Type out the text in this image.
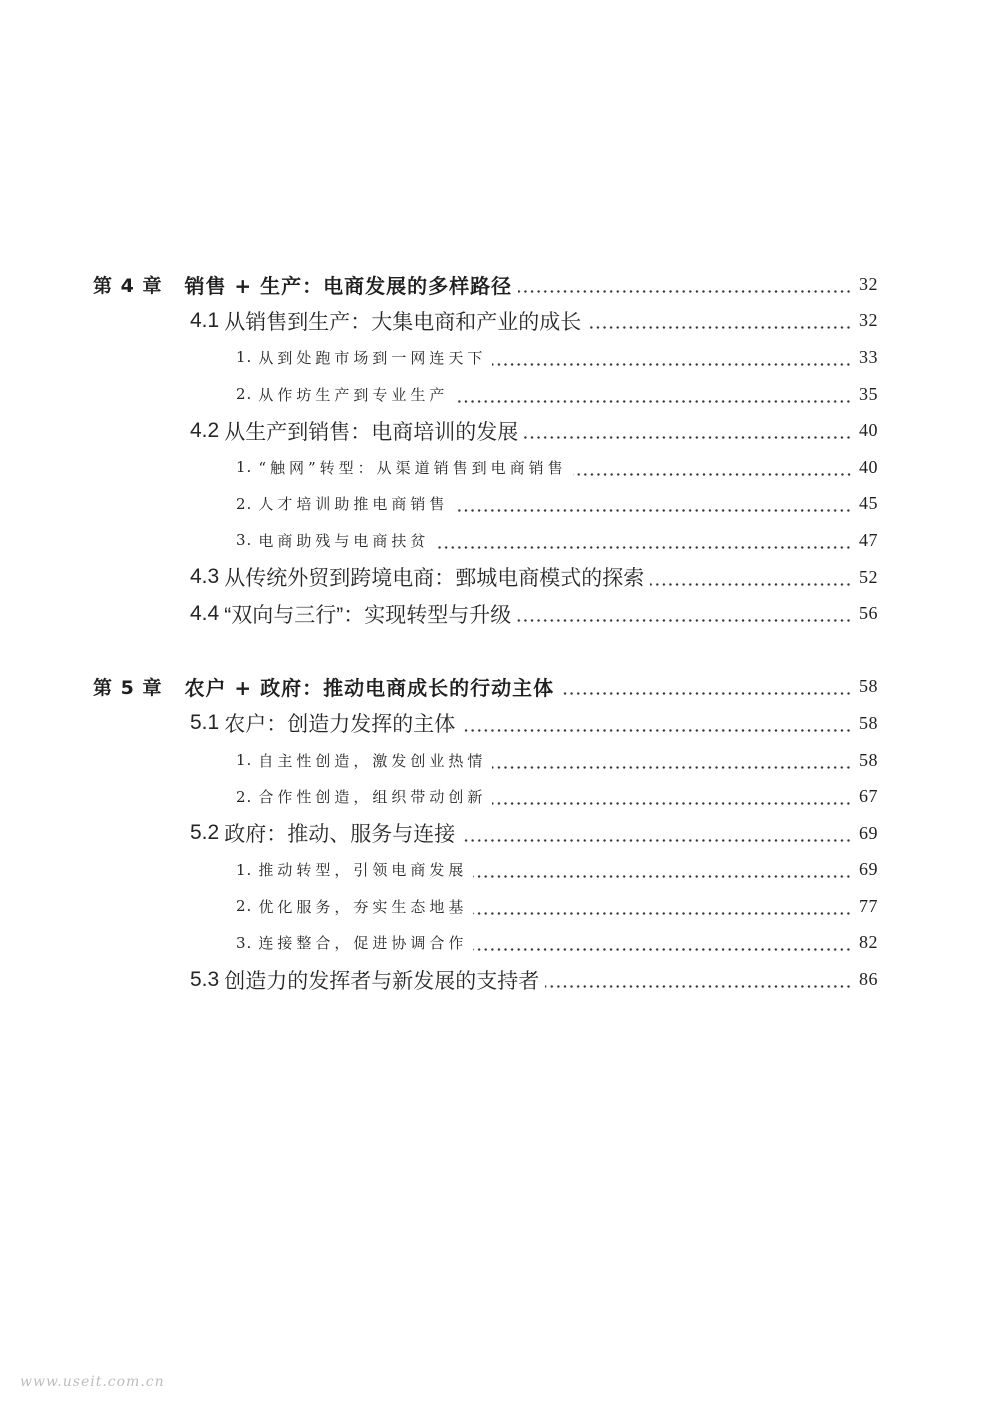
第 4 章 销售 + 生产：电商发展的多样路径	32
4.1 从销售到生产：大集电商和产业的成长	32
1. 从到处跑市场到一网连天下	33
2. 从作坊生产到专业生产	35
4.2 从生产到销售：电商培训的发展	40
1. “触网”转型：从渠道销售到电商销售	40
2. 人才培训助推电商销售	45
3. 电商助残与电商扶贫	47
4.3 从传统外贸到跨境电商：鄄城电商模式的探索	52
4.4 “双向与三行”：实现转型与升级	56
第 5 章 农户 + 政府：推动电商成长的行动主体	58
5.1 农户：创造力发挥的主体	58
1. 自主性创造，激发创业热情	58
2. 合作性创造，组织带动创新	67
5.2 政府：推动、服务与连接	69
1. 推动转型，引领电商发展	69
2. 优化服务，夯实生态地基	77
3. 连接整合，促进协调合作	82
5.3 创造力的发挥者与新发展的支持者	86
www.useit.com.cn
